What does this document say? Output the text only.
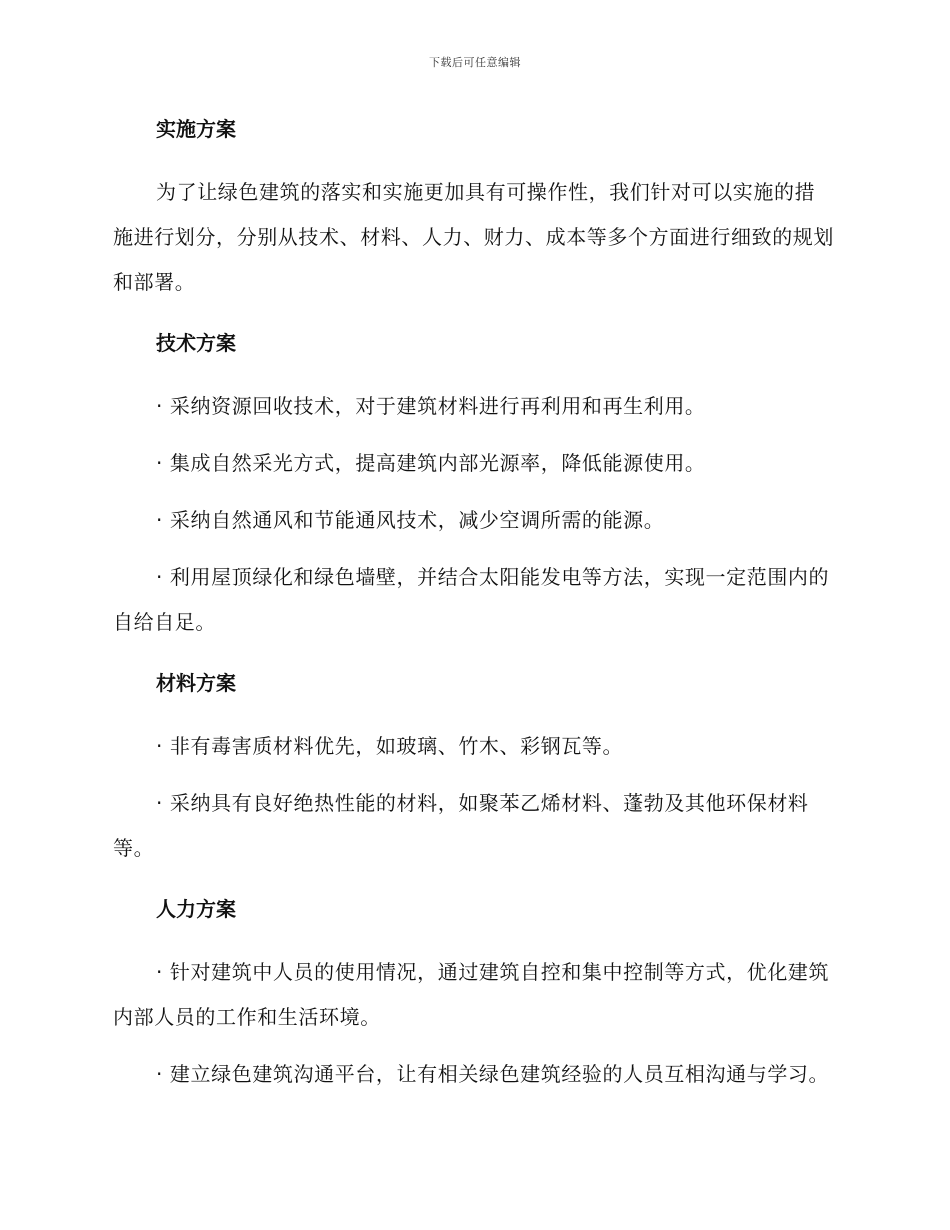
下载后可任意编辑
实施方案

为了让绿色建筑的落实和实施更加具有可操作性，我们针对可以实施的措施进行划分，分别从技术、材料、人力、财力、成本等多个方面进行细致的规划和部署。

技术方案

· 采纳资源回收技术，对于建筑材料进行再利用和再生利用。

· 集成自然采光方式，提高建筑内部光源率，降低能源使用。

· 采纳自然通风和节能通风技术，减少空调所需的能源。

· 利用屋顶绿化和绿色墙壁，并结合太阳能发电等方法，实现一定范围内的自给自足。

材料方案

· 非有毒害质材料优先，如玻璃、竹木、彩钢瓦等。

· 采纳具有良好绝热性能的材料，如聚苯乙烯材料、蓬勃及其他环保材料等。

人力方案

· 针对建筑中人员的使用情况，通过建筑自控和集中控制等方式，优化建筑内部人员的工作和生活环境。

· 建立绿色建筑沟通平台，让有相关绿色建筑经验的人员互相沟通与学习。
